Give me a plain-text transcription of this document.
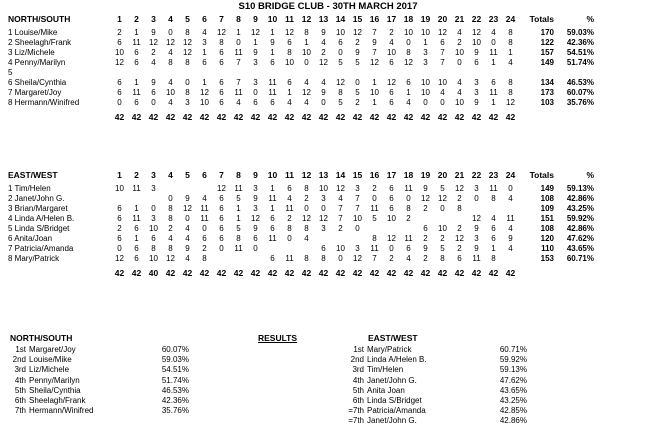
S10 BRIDGE CLUB - 30TH MARCH 2017
NORTH/SOUTH	1	2	3	4	5	6	7	8	9	10	11	12	13	14	15	16	17	18	19	20	21	22	23	24	Totals	%

1 Louise/Mike	2	1	9	0	8	4	12	1	12	1	12	8	9	10	12	7	2	10	10	12	4	12	4	8	170	59.03%
2 Sheelagh/Frank	6	11	12	12	12	3	8	0	1	9	6	1	4	6	2	9	4	0	1	6	2	10	0	8	122	42.36%
3 Liz/Michele	10	6	2	4	12	1	6	11	9	1	8	10	2	0	9	7	10	8	3	7	10	9	11	1	157	54.51%
4 Penny/Marilyn	12	6	4	8	8	6	6	7	3	6	10	0	12	5	5	12	6	12	3	7	0	6	1	4	149	51.74%
5																										
6 Sheila/Cynthia	6	1	9	4	0	1	6	7	3	11	6	4	4	12	0	1	12	6	10	10	4	3	6	8	134	46.53%
7 Margaret/Joy	6	11	6	10	8	12	6	11	0	11	1	12	9	8	5	10	6	1	10	4	4	3	11	8	173	60.07%
8 Hermann/Winifred	0	6	0	4	3	10	6	4	6	6	4	4	0	5	2	1	6	4	0	0	10	9	1	12	103	35.76%

	42	42	42	42	42	42	42	42	42	42	42	42	42	42	42	42	42	42	42	42	42	42	42	42		
EAST/WEST	1	2	3	4	5	6	7	8	9	10	11	12	13	14	15	16	17	18	19	20	21	22	23	24	Totals	%

1 Tim/Helen	10	11	3				12	11	3	1	6	8	10	12	3	2	6	11	9	5	12	3	11	0	149	59.13%
2 Janet/John G.				0	9	4	6	5	9	11	4	2	3	4	7	0	6	0	12	12	2	0	8	4	108	42.86%
3 Brian/Margaret	6	1	0	8	12	11	6	1	3	1	11	0	0	7	7	11	6	8	2	0	8				109	43.25%
4 Linda A/Helen B.	6	11	3	8	0	11	6	1	12	6	2	12	12	7	10	5	10	2				12	4	11	151	59.92%
5 Linda S/Bridget	2	6	10	2	4	0	6	5	9	6	8	8	3	2	0				6	10	2	9	6	4	108	42.86%
6 Anita/Joan	6	1	6	4	4	6	6	8	6	11	0	4				8	12	11	2	2	12	3	6	9	120	47.62%
7 Patricia/Amanda	0	6	8	8	9	2	0	11	0				6	10	3	11	0	6	9	5	2	9	1	4	110	43.65%
8 Mary/Patrick	12	6	10	12	4	8				6	11	8	8	0	12	7	2	4	2	8	6	11	8		153	60.71%

	42	42	40	42	42	42	42	42	42	42	42	42	42	42	42	42	42	42	42	42	42	42	42	42		
NORTH/SOUTH	RESULTS	EAST/WEST
1st	Margaret/Joy	60.07%
2nd	Louise/Mike	59.03%
3rd	Liz/Michele	54.51%
4th	Penny/Marilyn	51.74%
5th	Sheila/Cynthia	46.53%
6th	Sheelagh/Frank	42.36%
7th	Hermann/Winifred	35.76%
1st	Mary/Patrick	60.71%
2nd	Linda A/Helen B.	59.92%
3rd	Tim/Helen	59.13%
4th	Janet/John G.	47.62%
5th	Anita Joan	43.65%
6th	Linda S/Bridget	43.25%
=7th	Patricia/Amanda	42.85%
=7th	Janet/John G.	42.86%
